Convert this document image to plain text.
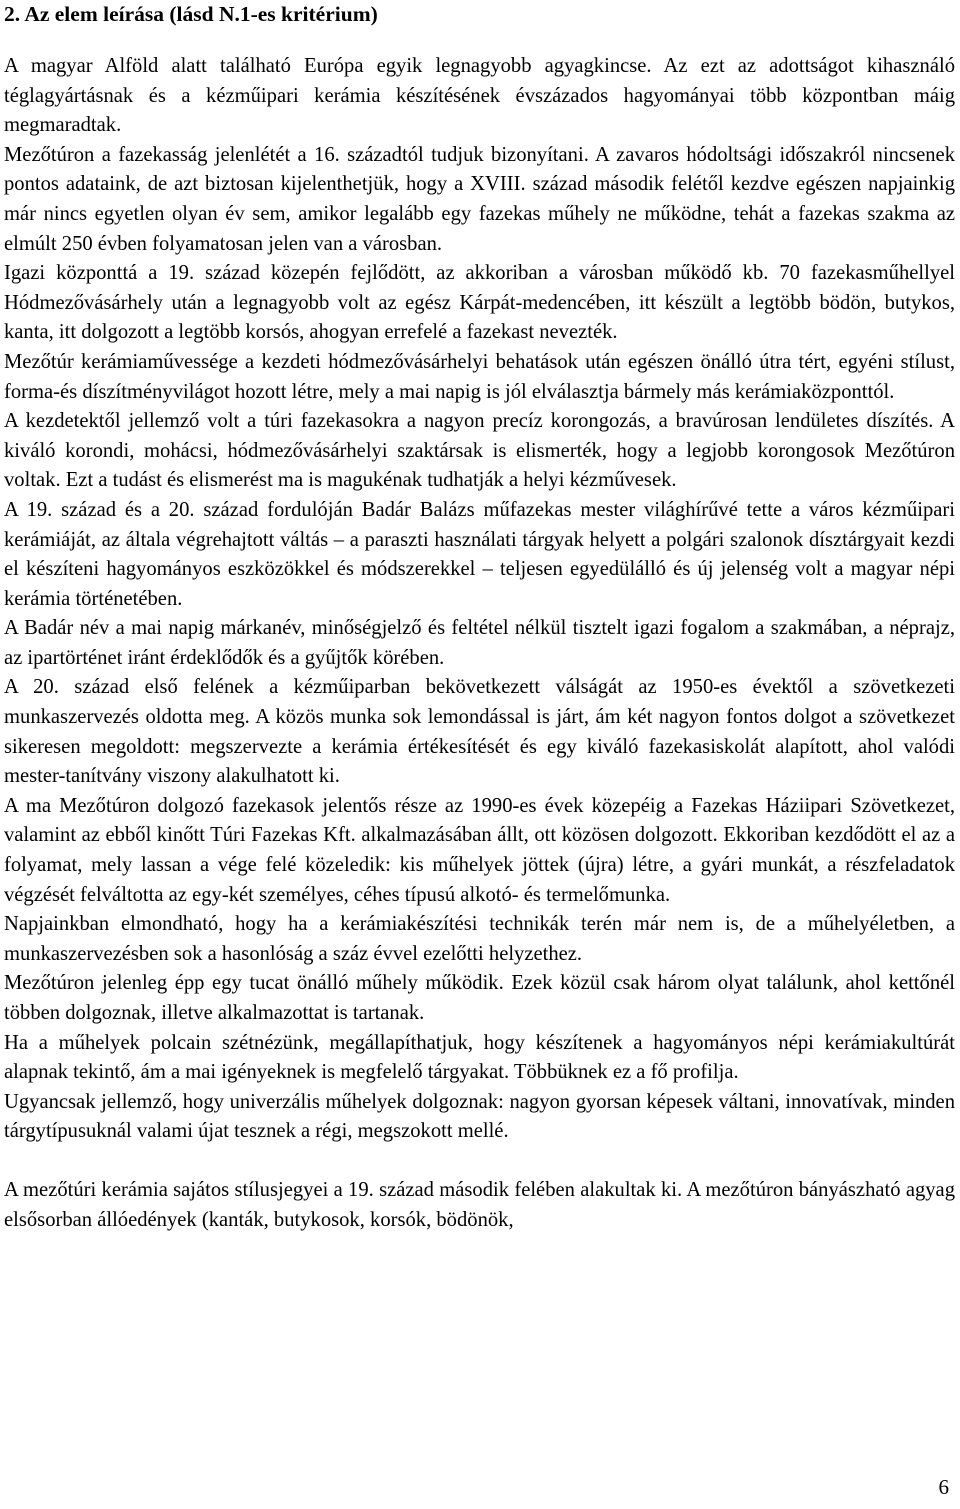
2. Az elem leírása (lásd N.1-es kritérium)

A magyar Alföld alatt található Európa egyik legnagyobb agyagkincse. Az ezt az adottságot kihasználó téglagyártásnak és a kézműipari kerámia készítésének évszázados hagyományai több központban máig megmaradtak.

Mezőtúron a fazekasság jelenlétét a 16. századtól tudjuk bizonyítani. A zavaros hódoltsági időszakról nincsenek pontos adataink, de azt biztosan kijelenthetjük, hogy a XVIII. század második felétől kezdve egészen napjainkig már nincs egyetlen olyan év sem, amikor legalább egy fazekas műhely ne működne, tehát a fazekas szakma az elmúlt 250 évben folyamatosan jelen van a városban.

Igazi központtá a 19. század közepén fejlődött, az akkoriban a városban működő kb. 70 fazekasműhellyel Hódmezővásárhely után a legnagyobb volt az egész Kárpát-medencében, itt készült a legtöbb bödön, butykos, kanta, itt dolgozott a legtöbb korsós, ahogyan errefelé a fazekast nevezték.

Mezőtúr kerámiaművessége a kezdeti hódmezővásárhelyi behatások után egészen önálló útra tért, egyéni stílust, forma-és díszítményvilágot hozott létre, mely a mai napig is jól elválasztja bármely más kerámiaközponttól.

A kezdetektől jellemző volt a túri fazekasokra a nagyon precíz korongozás, a bravúrosan lendületes díszítés. A kiváló korondi, mohácsi, hódmezővásárhelyi szaktársak is elismerték, hogy a legjobb korongosok Mezőtúron voltak. Ezt a tudást és elismerést ma is magukénak tudhatják a helyi kézművesek.

A 19. század és a 20. század fordulóján Badár Balázs műfazekas mester világhírűvé tette a város kézműipari kerámiáját, az általa végrehajtott váltás – a paraszti használati tárgyak helyett a polgári szalonok dísztárgyait kezdi el készíteni hagyományos eszközökkel és módszerekkel – teljesen egyedülálló és új jelenség volt a magyar népi kerámia történetében.

A Badár név a mai napig márkanév, minőségjelző és feltétel nélkül tisztelt igazi fogalom a szakmában, a néprajz, az ipartörténet iránt érdeklődők és a gyűjtők körében.

A 20. század első felének a kézműiparban bekövetkezett válságát az 1950-es évektől a szövetkezeti munkaszervezés oldotta meg. A közös munka sok lemondással is járt, ám két nagyon fontos dolgot a szövetkezet sikeresen megoldott: megszervezte a kerámia értékesítését és egy kiváló fazekasiskolát alapított, ahol valódi mester-tanítvány viszony alakulhatott ki.

A ma Mezőtúron dolgozó fazekasok jelentős része az 1990-es évek közepéig a Fazekas Háziipari Szövetkezet, valamint az ebből kinőtt Túri Fazekas Kft. alkalmazásában állt, ott közösen dolgozott. Ekkoriban kezdődött el az a folyamat, mely lassan a vége felé közeledik: kis műhelyek jöttek (újra) létre, a gyári munkát, a részfeladatok végzését felváltotta az egy-két személyes, céhes típusú alkotó- és termelőmunka.

Napjainkban elmondható, hogy ha a kerámiakészítési technikák terén már nem is, de a műhelyéletben, a munkaszervezésben sok a hasonlóság a száz évvel ezelőtti helyzethez.

Mezőtúron jelenleg épp egy tucat önálló műhely működik. Ezek közül csak három olyat találunk, ahol kettőnél többen dolgoznak, illetve alkalmazottat is tartanak.

Ha a műhelyek polcain szétnézünk, megállapíthatjuk, hogy készítenek a hagyományos népi kerámiakultúrát alapnak tekintő, ám a mai igényeknek is megfelelő tárgyakat. Többüknek ez a fő profilja.

Ugyancsak jellemző, hogy univerzális műhelyek dolgoznak: nagyon gyorsan képesek váltani, innovatívak, minden tárgytípusuknál valami újat tesznek a régi, megszokott mellé.

A mezőtúri kerámia sajátos stílusjegyei a 19. század második felében alakultak ki. A mezőtúron bányászható agyag elsősorban állóedények (kanták, butykosok, korsók, bödönök,

6
